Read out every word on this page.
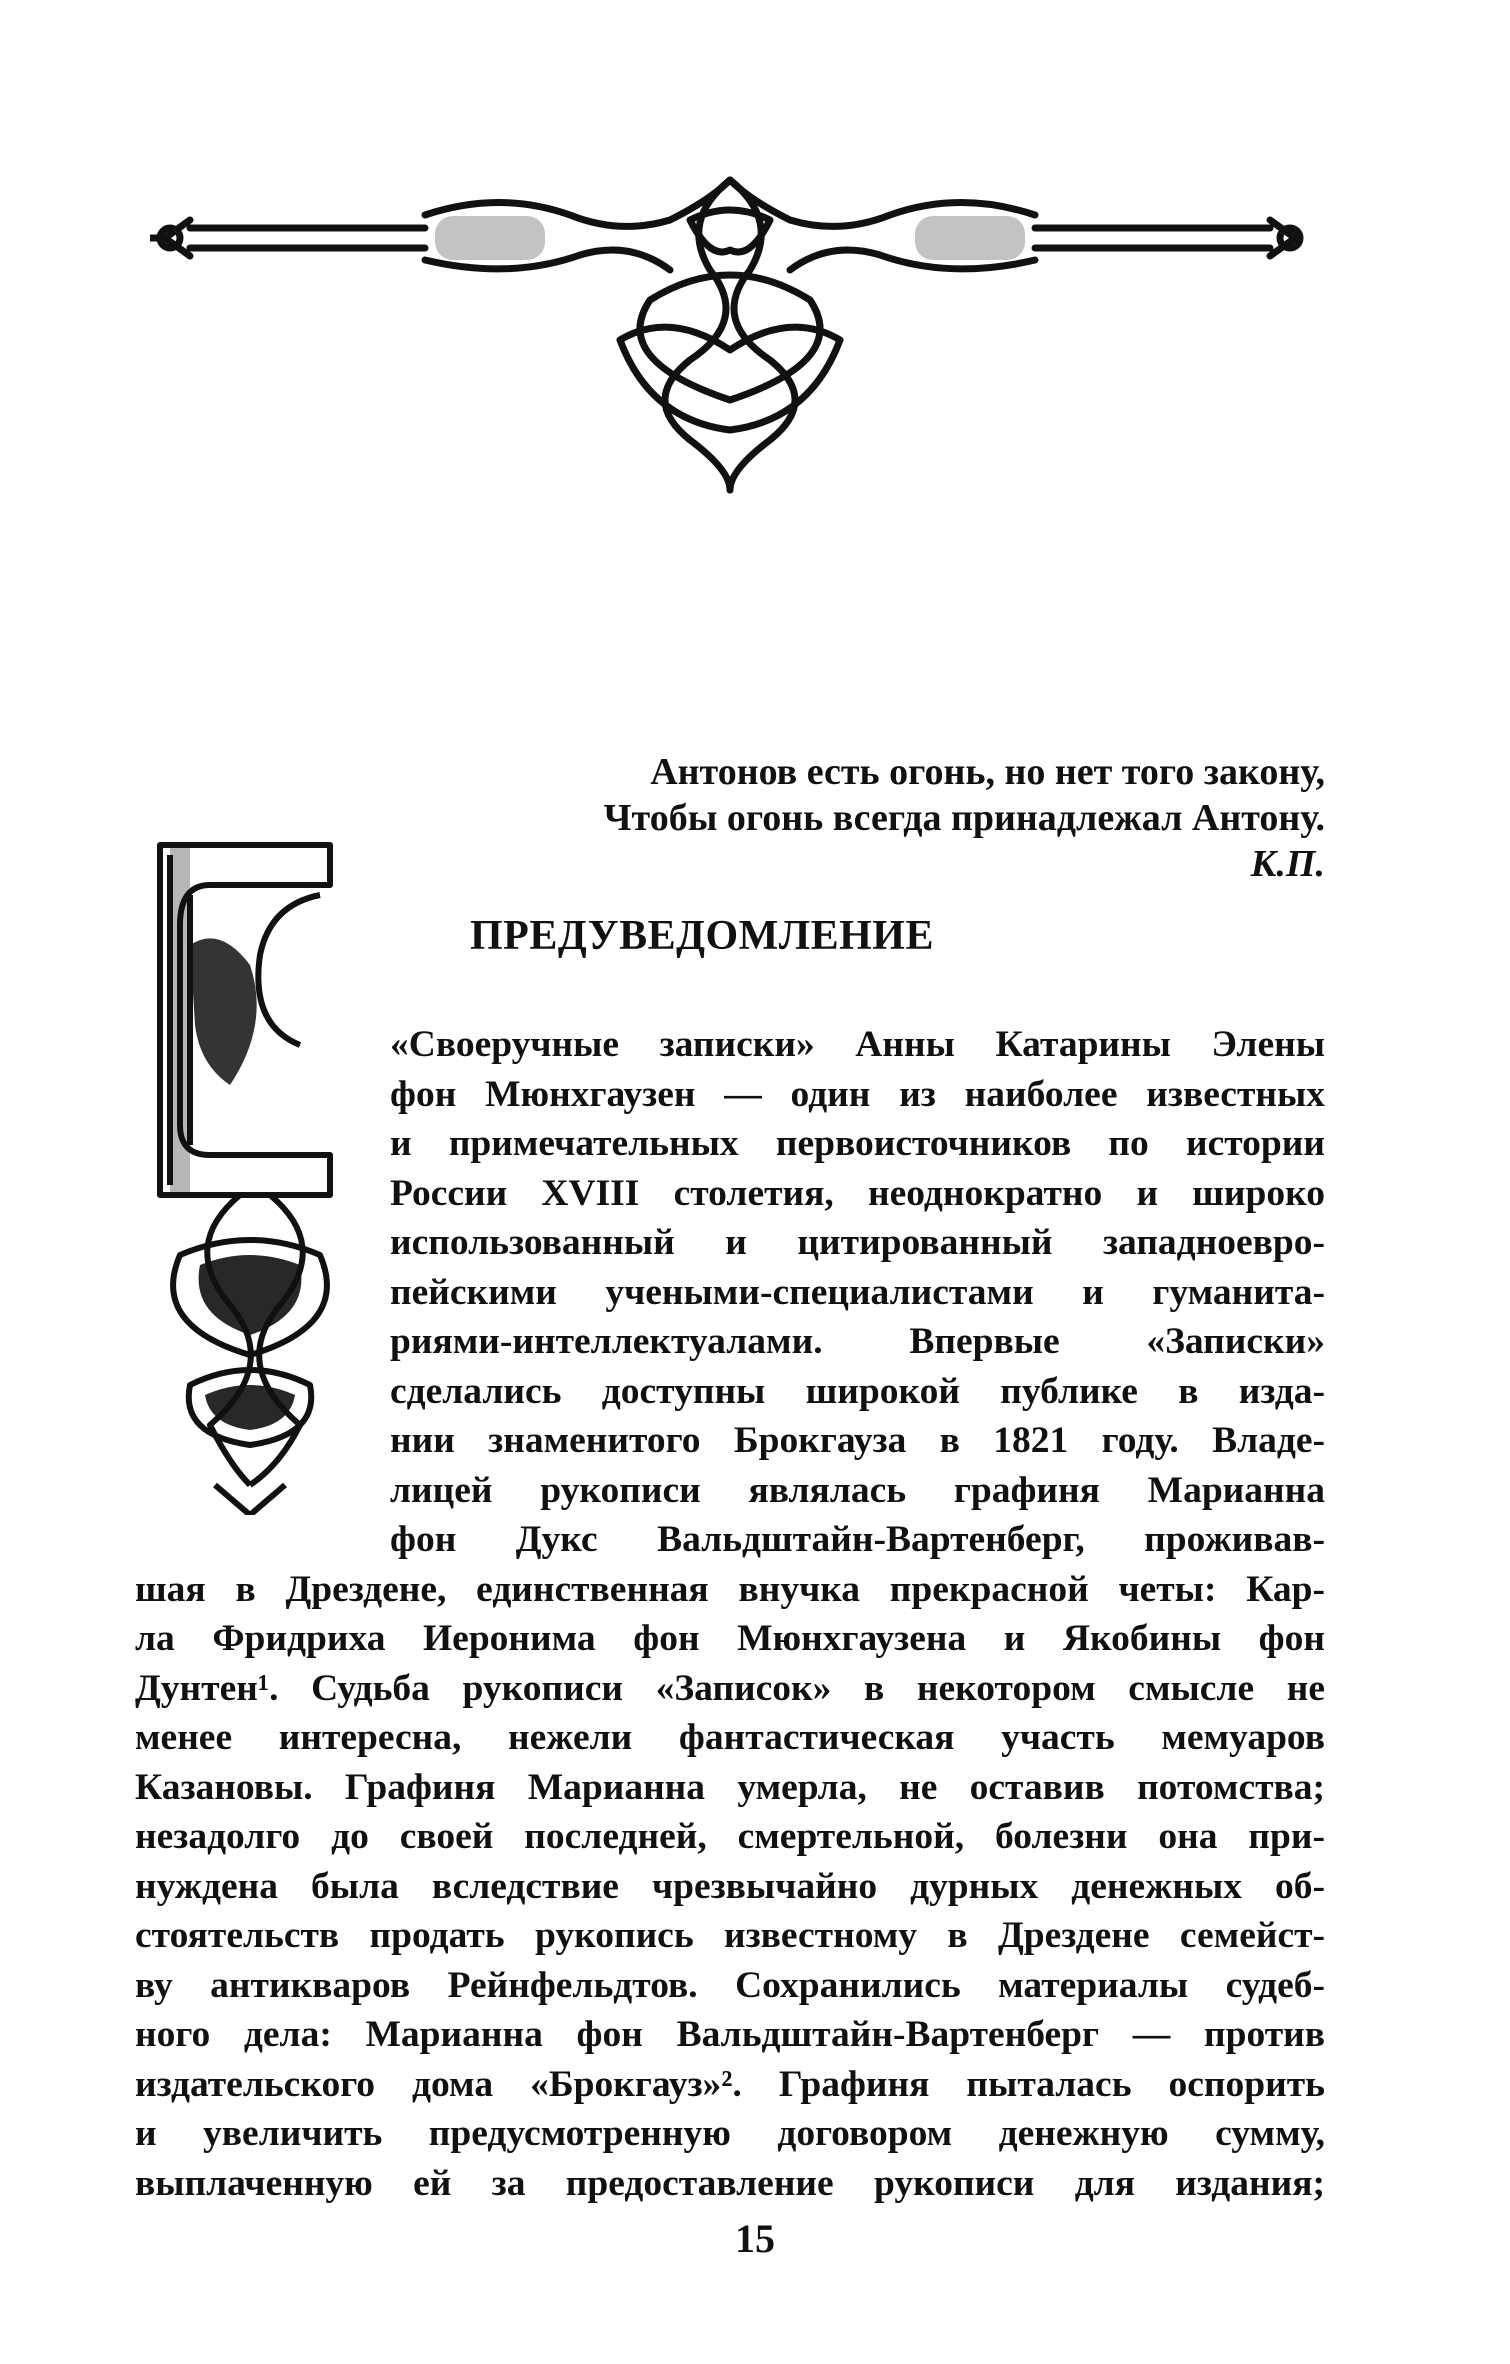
Антонов есть огонь, но нет того закону,
Чтобы огонь всегда принадлежал Антону.
К.П.
ПРЕДУВЕДОМЛЕНИЕ
«Своеручные записки» Анны Катарины Элены
фон Мюнхгаузен — один из наиболее известных
и примечательных первоисточников по истории
России XVIII столетия, неоднократно и широко
использованный и цитированный западноевро-
пейскими учеными-специалистами и гуманита-
риями-интеллектуалами. Впервые «Записки»
сделались доступны широкой публике в изда-
нии знаменитого Брокгауза в 1821 году. Владе-
лицей рукописи являлась графиня Марианна
фон Дукс Вальдштайн-Вартенберг, проживав-
шая в Дрездене, единственная внучка прекрасной четы: Кар-
ла Фридриха Иеронима фон Мюнхгаузена и Якобины фон
Дунтен¹. Судьба рукописи «Записок» в некотором смысле не
менее интересна, нежели фантастическая участь мемуаров
Казановы. Графиня Марианна умерла, не оставив потомства;
незадолго до своей последней, смертельной, болезни она при-
нуждена была вследствие чрезвычайно дурных денежных об-
стоятельств продать рукопись известному в Дрездене семейст-
ву антикваров Рейнфельдтов. Сохранились материалы судеб-
ного дела: Марианна фон Вальдштайн-Вартенберг — против
издательского дома «Брокгауз»². Графиня пыталась оспорить
и увеличить предусмотренную договором денежную сумму,
выплаченную ей за предоставление рукописи для издания;
15
